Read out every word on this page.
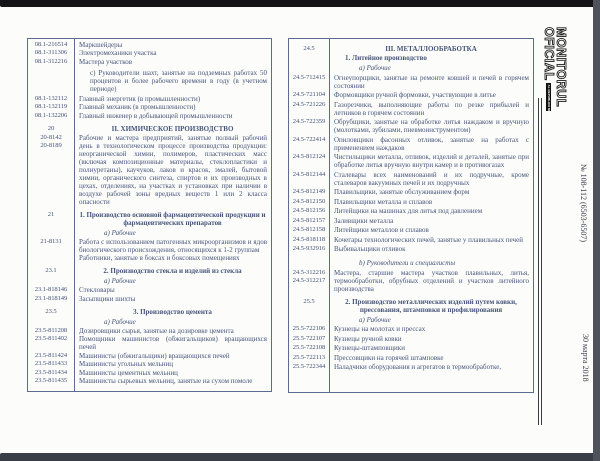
08.1-216514	Маркшейдеры
08.1-311306	Электромеханики участка
08.1-312216	Мастера участков
с) Руководители шахт, занятые на подземных работах 50 процентов и более рабочего времени в году (в учетном периоде)
08.1-132112	Главный энергетик (в промышленности)
08.1-132119	Главный механик (в промышленности)
08.1-132206	Главный инженер в добывающей промышленности
20	II. ХИМИЧЕСКОЕ ПРОИЗВОДСТВО
20-8142
20-8189
Рабочие и мастера предприятий, занятые полный рабочий день в технологическом процессе производства продукции: неорганической химии, полимеров, пластических масс (включая композиционные материалы, стеклопластики и полиуретаны), каучуков, лаков и красок, эмалей, бытовой химии, органического синтеза, спиртов и их производных в цехах, отделениях, на участках и установках при наличии в воздухе рабочей зоны вредных веществ 1 или 2 класса опасности
21	1. Производство основной фармацевтической продукции и фармацевтических препаратов
а) Рабочие
21-8131	Работа с использованием патогенных микроорганизмов и ядов биологического происхождения, относящихся к 1-2 группам
Работники, занятые в боксах и боксовых помещениях
23.1	2. Производство стекла и изделий из стекла
а) Рабочие
23.1-818146	Стекловары
23.1-818149	Засыпщики шихты
23.5	3. Производство цемента
а) Рабочие
23.5-811208	Дозировщики сырья, занятые на дозировке цемента
23.5-811402	Помощники машинистов (обжигальщиков) вращающихся печей
23.5-811424	Машинисты (обжигальщики) вращающихся печей
23.5-811433	Машинисты угольных мельниц
23.5-811434	Машинисты цементных мельниц
23.5-811435	Машинисты сырьевых мельниц, занятые на сухом помоле
24.5	III. МЕТАЛЛООБРАБОТКА
1. Литейное производство
а) Рабочие
24.5-712415	Огнеупорщики, занятые на ремонте ковшей и печей в горячем состоянии
24.5-721104	Формовщики ручной формовки, участвующие в литье
24.5-721226	Газорезчики, выполняющие работы по резке прибылей и летников в горячем состоянии
24.5-722359	Обрубщики, занятые на обработке литья наждаком и вручную (молотками, зубилами, пневмоинструментом)
24.5-722414	Опиловщики фасонных отливок, занятые на работах с применением наждаков
24.5-812124	Чистильщики металла, отливок, изделий и деталей, занятые при обработке литья вручную внутри камер и в противогазах
24.5-812144	Сталевары всех наименований и их подручные, кроме сталеваров вакуумных печей и их подручных
24.5-812149	Плавильщики, занятые обслуживанием форм
24.5-812150	Плавильщики металла и сплавов
24.5-812156	Литейщики на машинах для литья под давлением
24.5-812157	Заливщики металла
24.5-812158	Литейщики металлов и сплавов
24.5-818118	Кочегары технологических печей, занятые у плавильных печей
24.5-932916	Выбивальщики отливок
b) Руководители и специалисты
24.5-312216
24.5-312217
Мастера, старшие мастера участков плавильных, литья, термообработки, обрубных отделений и участков литейного производства
25.5	2. Производство металлических изделий путем ковки, прессования, штамповки и профилирования
а) Рабочие
25.5-722106	Кузнецы на молотах и прессах
25.5-722107	Кузнецы ручной ковки
25.5-722108	Кузнецы-штамповщики
25.5-722113	Прессовщики на горячей штамповке
25.5-722344	Наладчики оборудования и агрегатов в термообработке,
MONITORUL
OFICIALAL REPUBLICII MOLDOVA
№ 108-112 (6503-6507)
30 марта 2018
